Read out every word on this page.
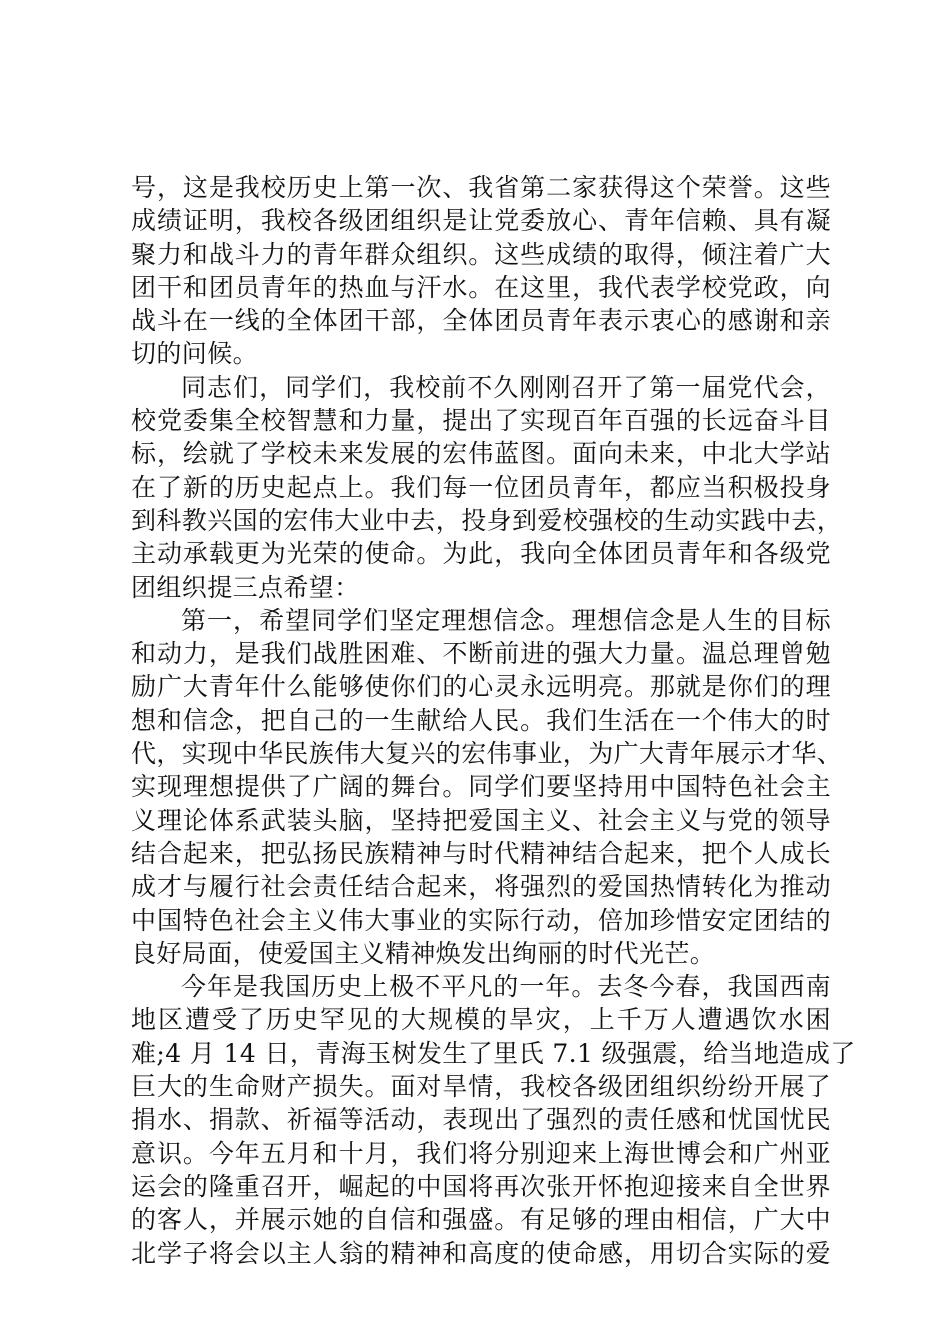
号，这是我校历史上第一次、我省第二家获得这个荣誉。这些
成绩证明，我校各级团组织是让党委放心、青年信赖、具有凝
聚力和战斗力的青年群众组织。这些成绩的取得，倾注着广大
团干和团员青年的热血与汗水。在这里，我代表学校党政，向
战斗在一线的全体团干部，全体团员青年表示衷心的感谢和亲
切的问候。
同志们，同学们，我校前不久刚刚召开了第一届党代会，
校党委集全校智慧和力量，提出了实现百年百强的长远奋斗目
标，绘就了学校未来发展的宏伟蓝图。面向未来，中北大学站
在了新的历史起点上。我们每一位团员青年，都应当积极投身
到科教兴国的宏伟大业中去，投身到爱校强校的生动实践中去，
主动承载更为光荣的使命。为此，我向全体团员青年和各级党
团组织提三点希望：
第一，希望同学们坚定理想信念。理想信念是人生的目标
和动力，是我们战胜困难、不断前进的强大力量。温总理曾勉
励广大青年什么能够使你们的心灵永远明亮。那就是你们的理
想和信念，把自己的一生献给人民。我们生活在一个伟大的时
代，实现中华民族伟大复兴的宏伟事业，为广大青年展示才华、
实现理想提供了广阔的舞台。同学们要坚持用中国特色社会主
义理论体系武装头脑，坚持把爱国主义、社会主义与党的领导
结合起来，把弘扬民族精神与时代精神结合起来，把个人成长
成才与履行社会责任结合起来，将强烈的爱国热情转化为推动
中国特色社会主义伟大事业的实际行动，倍加珍惜安定团结的
良好局面，使爱国主义精神焕发出绚丽的时代光芒。
今年是我国历史上极不平凡的一年。去冬今春，我国西南
地区遭受了历史罕见的大规模的旱灾，上千万人遭遇饮水困
难;4 月 14 日，青海玉树发生了里氏 7.1 级强震，给当地造成了
巨大的生命财产损失。面对旱情，我校各级团组织纷纷开展了
捐水、捐款、祈福等活动，表现出了强烈的责任感和忧国忧民
意识。今年五月和十月，我们将分别迎来上海世博会和广州亚
运会的隆重召开，崛起的中国将再次张开怀抱迎接来自全世界
的客人，并展示她的自信和强盛。有足够的理由相信，广大中
北学子将会以主人翁的精神和高度的使命感，用切合实际的爱
